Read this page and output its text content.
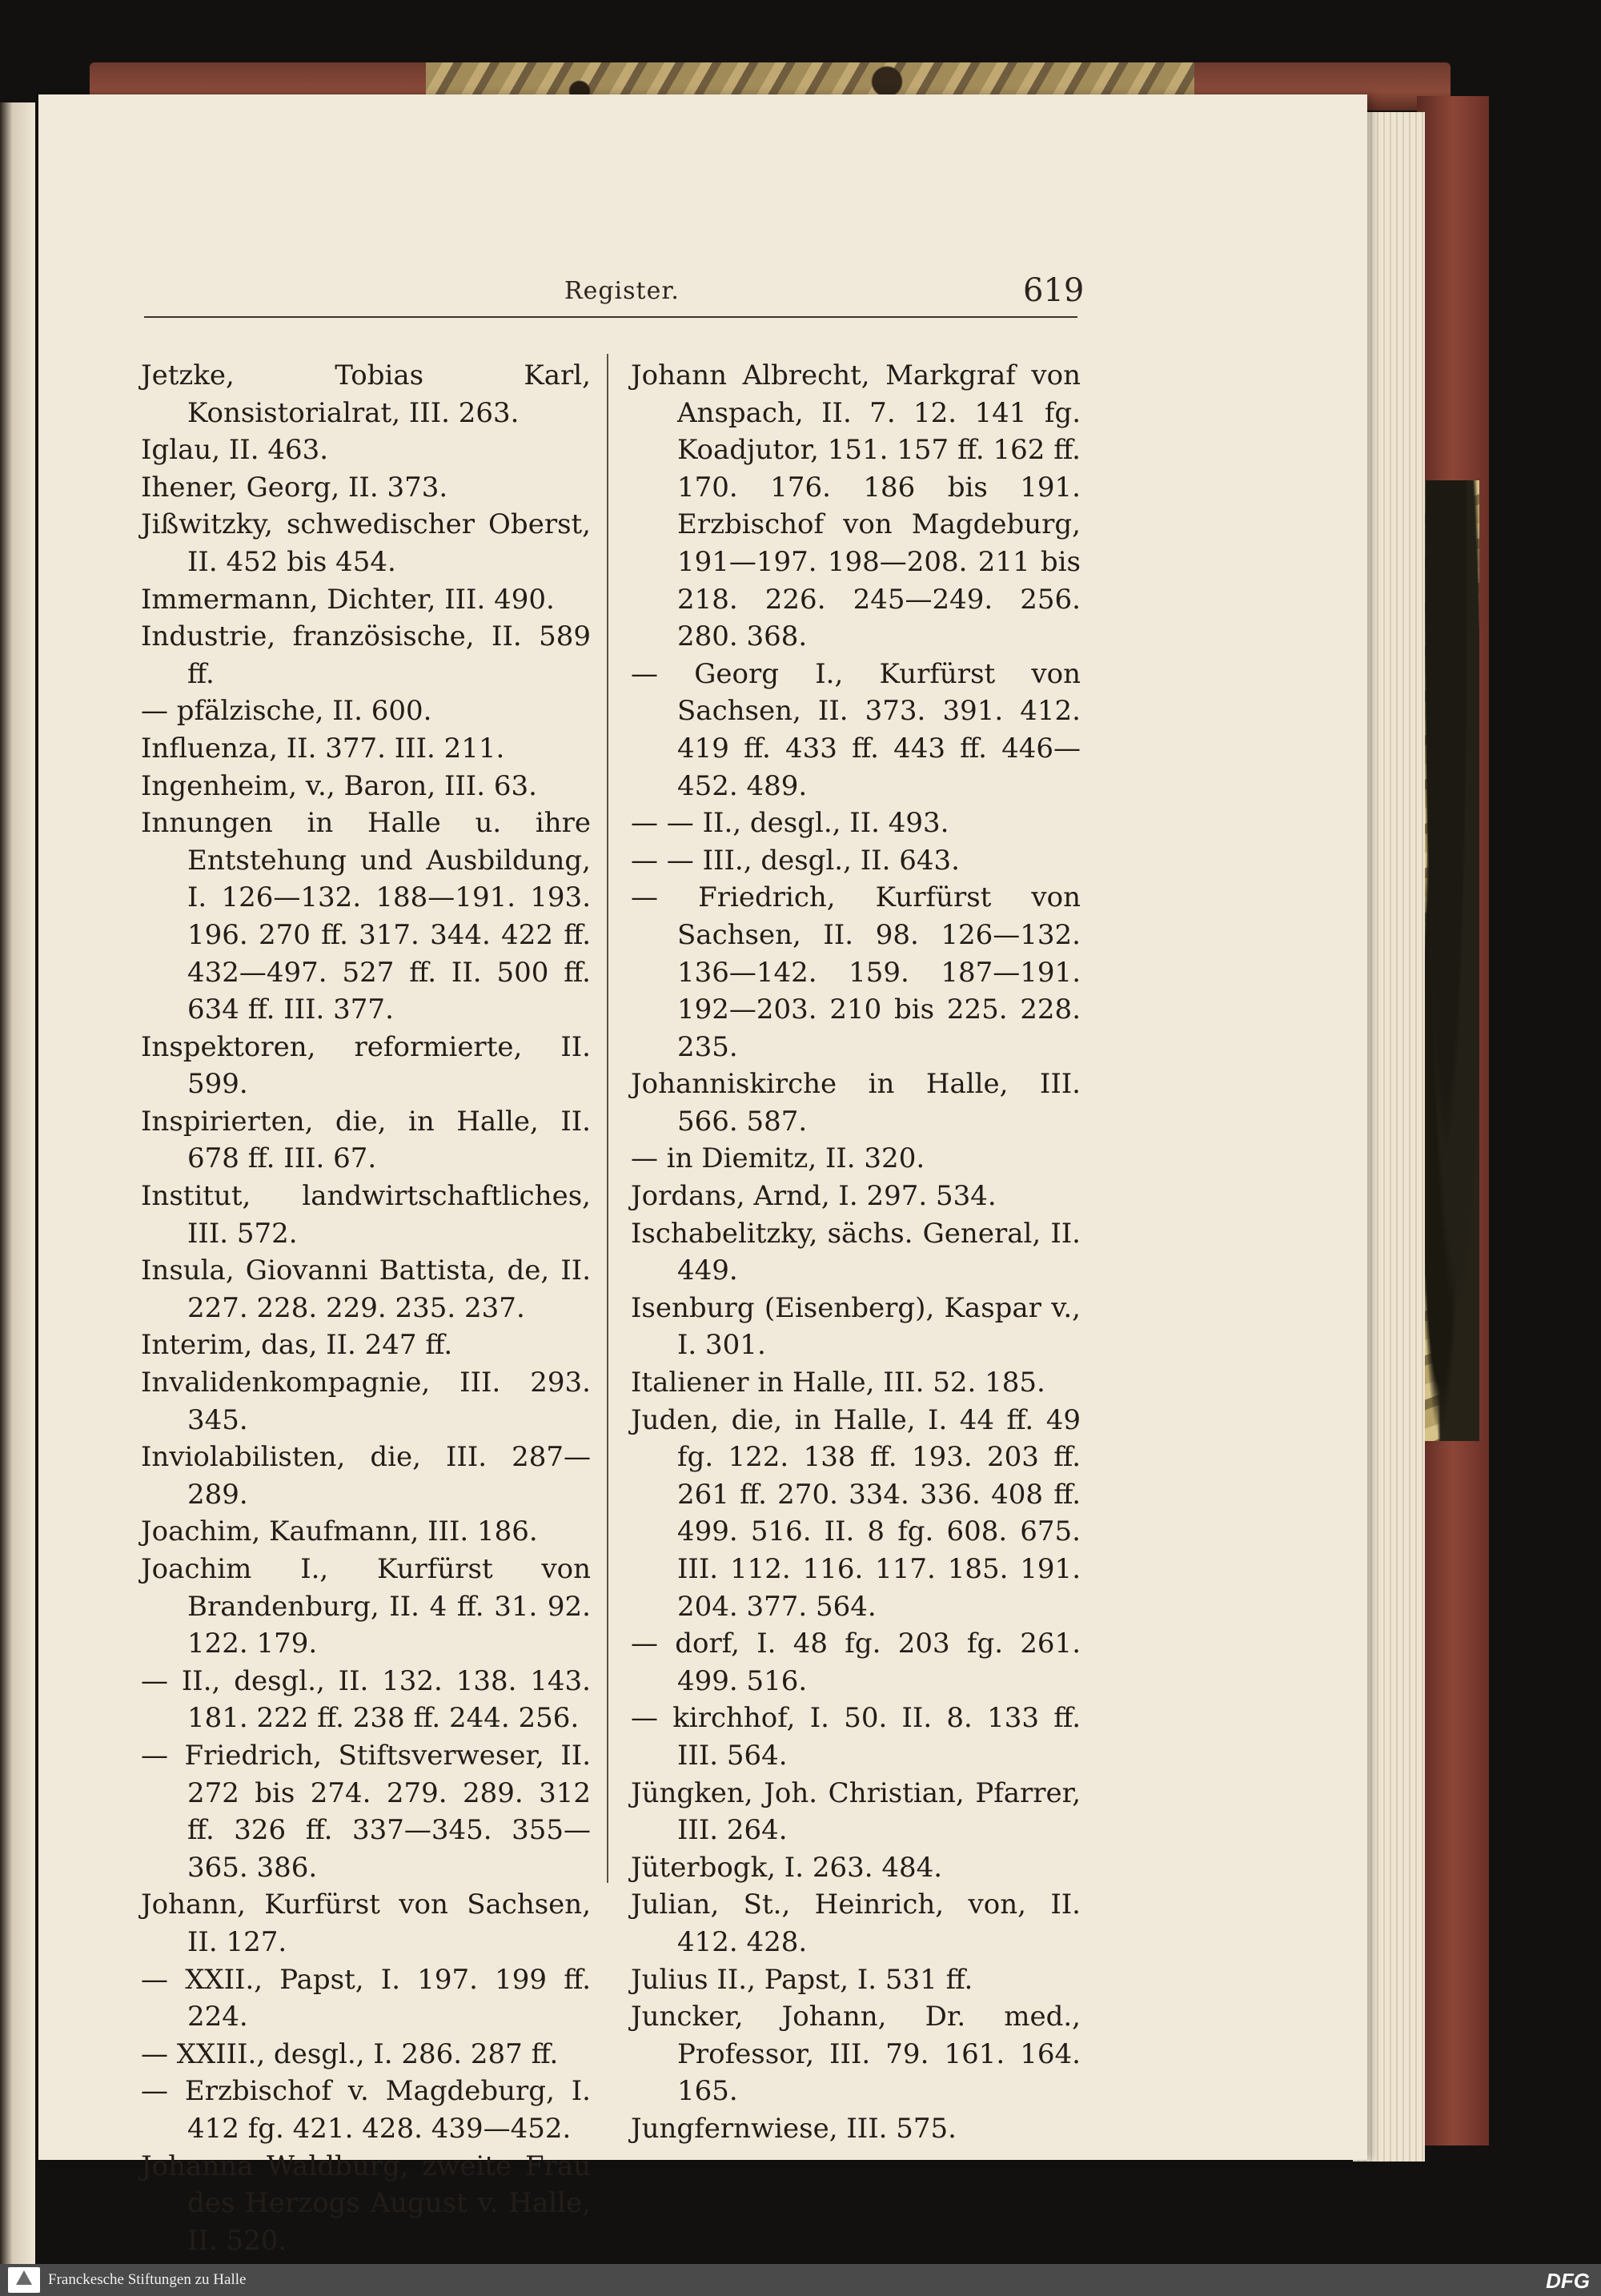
Register.	619
Jetzke, Tobias Karl, Konsistorialrat, III. 263.
Iglau, II. 463.
Ihener, Georg, II. 373.
Jißwitzky, schwedischer Oberst, II. 452 bis 454.
Immermann, Dichter, III. 490.
Industrie, französische, II. 589 ff.
— pfälzische, II. 600.
Influenza, II. 377. III. 211.
Ingenheim, v., Baron, III. 63.
Innungen in Halle u. ihre Entstehung und Ausbildung, I. 126—132. 188—191. 193. 196. 270 ff. 317. 344. 422 ff. 432—497. 527 ff. II. 500 ff. 634 ff. III. 377.
Inspektoren, reformierte, II. 599.
Inspirierten, die, in Halle, II. 678 ff. III. 67.
Institut, landwirtschaftliches, III. 572.
Insula, Giovanni Battista, de, II. 227. 228. 229. 235. 237.
Interim, das, II. 247 ff.
Invalidenkompagnie, III. 293. 345.
Inviolabilisten, die, III. 287—289.
Joachim, Kaufmann, III. 186.
Joachim I., Kurfürst von Brandenburg, II. 4 ff. 31. 92. 122. 179.
— II., desgl., II. 132. 138. 143. 181. 222 ff. 238 ff. 244. 256.
— Friedrich, Stiftsverweser, II. 272 bis 274. 279. 289. 312 ff. 326 ff. 337—345. 355—365. 386.
Johann, Kurfürst von Sachsen, II. 127.
— XXII., Papst, I. 197. 199 ff. 224.
— XXIII., desgl., I. 286. 287 ff.
— Erzbischof v. Magdeburg, I. 412 fg. 421. 428. 439—452.
Johanna Waldburg, zweite Frau des Herzogs August v. Halle, II. 520.
Johann Albrecht, Markgraf von Anspach, II. 7. 12. 141 fg. Koadjutor, 151. 157 ff. 162 ff. 170. 176. 186 bis 191. Erzbischof von Magdeburg, 191—197. 198—208. 211 bis 218. 226. 245—249. 256. 280. 368.
— Georg I., Kurfürst von Sachsen, II. 373. 391. 412. 419 ff. 433 ff. 443 ff. 446—452. 489.
— — II., desgl., II. 493.
— — III., desgl., II. 643.
— Friedrich, Kurfürst von Sachsen, II. 98. 126—132. 136—142. 159. 187—191. 192—203. 210 bis 225. 228. 235.
Johanniskirche in Halle, III. 566. 587.
— in Diemitz, II. 320.
Jordans, Arnd, I. 297. 534.
Ischabelitzky, sächs. General, II. 449.
Isenburg (Eisenberg), Kaspar v., I. 301.
Italiener in Halle, III. 52. 185.
Juden, die, in Halle, I. 44 ff. 49 fg. 122. 138 ff. 193. 203 ff. 261 ff. 270. 334. 336. 408 ff. 499. 516. II. 8 fg. 608. 675. III. 112. 116. 117. 185. 191. 204. 377. 564.
— dorf, I. 48 fg. 203 fg. 261. 499. 516.
— kirchhof, I. 50. II. 8. 133 ff. III. 564.
Jüngken, Joh. Christian, Pfarrer, III. 264.
Jüterbogk, I. 263. 484.
Julian, St., Heinrich, von, II. 412. 428.
Julius II., Papst, I. 531 ff.
Juncker, Johann, Dr. med., Professor, III. 79. 161. 164. 165.
Jungfernwiese, III. 575.
Franckesche Stiftungen zu Halle	DFG
